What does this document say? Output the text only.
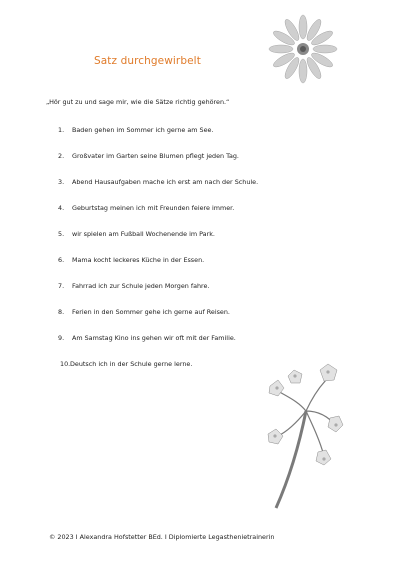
Satz durchgewirbelt
„Hör gut zu und sage mir, wie die Sätze richtig gehören.“
1. Baden gehen im Sommer ich gerne am See.
2. Großvater im Garten seine Blumen pflegt jeden Tag.
3. Abend Hausaufgaben mache ich erst am nach der Schule.
4. Geburtstag meinen ich mit Freunden feiere immer.
5. wir spielen am Fußball Wochenende im Park.
6. Mama kocht leckeres Küche in der Essen.
7. Fahrrad ich zur Schule jeden Morgen fahre.
8. Ferien in den Sommer gehe ich gerne auf Reisen.
9. Am Samstag Kino ins gehen wir oft mit der Familie.
10.Deutsch ich in der Schule gerne lerne.
© 2023 I Alexandra Hofstetter BEd. I Diplomierte Legasthenietrainerin
